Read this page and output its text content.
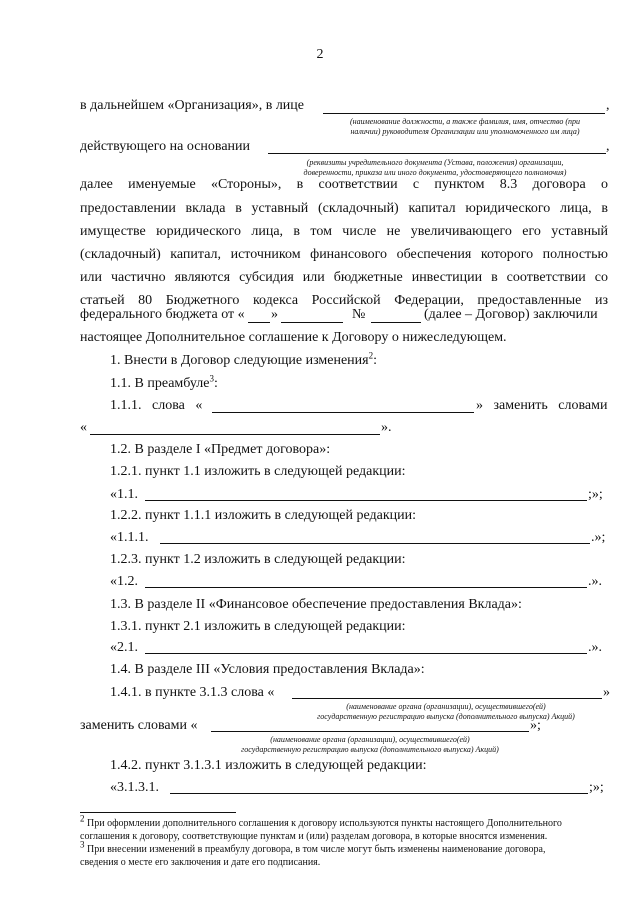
2
в дальнейшем «Организация», в лице	,
(наименование должности, а также фамилия, имя, отчество (при
наличии) руководителя Организации или уполномоченного им лица)
действующего на основании	,
(реквизиты учредительного документа (Устава, положения) организации,
доверенности, приказа или иного документа, удостоверяющего полномочия)
далее именуемые «Стороны», в соответствии с пунктом 8.3 договора о
предоставлении вклада в уставный (складочный) капитал юридического лица, в
имуществе юридического лица, в том числе не увеличивающего его уставный
(складочный) капитал, источником финансового обеспечения которого полностью
или частично являются субсидия или бюджетные инвестиции в соответствии со
статьей 80 Бюджетного кодекса Российской Федерации, предоставленные из
федерального бюджета от « »	№	(далее – Договор) заключили
настоящее Дополнительное соглашение к Договору о нижеследующем.
1. Внести в Договор следующие изменения$^2$:
1.1. В преамбуле$^3$:
1.1.1.   слова   «	»   заменить   словами
«	».
1.2. В разделе I «Предмет договора»:
1.2.1. пункт 1.1 изложить в следующей редакции:
«1.1.	;»;
1.2.2. пункт 1.1.1 изложить в следующей редакции:
«1.1.1.	.»;
1.2.3. пункт 1.2 изложить в следующей редакции:
«1.2.	.».
1.3. В разделе II «Финансовое обеспечение предоставления Вклада»:
1.3.1. пункт 2.1 изложить в следующей редакции:
«2.1.	.».
1.4. В разделе III «Условия предоставления Вклада»:
1.4.1. в пункте 3.1.3 слова «	»
(наименование органа (организации), осуществившего(ей)
государственную регистрацию выпуска (дополнительного выпуска) Акций)
заменить словами «	»;
(наименование органа (организации), осуществившего(ей)
государственную регистрацию выпуска (дополнительного выпуска) Акций)
1.4.2. пункт 3.1.3.1 изложить в следующей редакции:
«3.1.3.1.	;»;
$^2$ При оформлении дополнительного соглашения к договору используются пункты настоящего Дополнительного
соглашения к договору, соответствующие пунктам и (или) разделам договора, в которые вносятся изменения.
$^3$ При внесении изменений в преамбулу договора, в том числе могут быть изменены наименование договора,
сведения о месте его заключения и дате его подписания.
